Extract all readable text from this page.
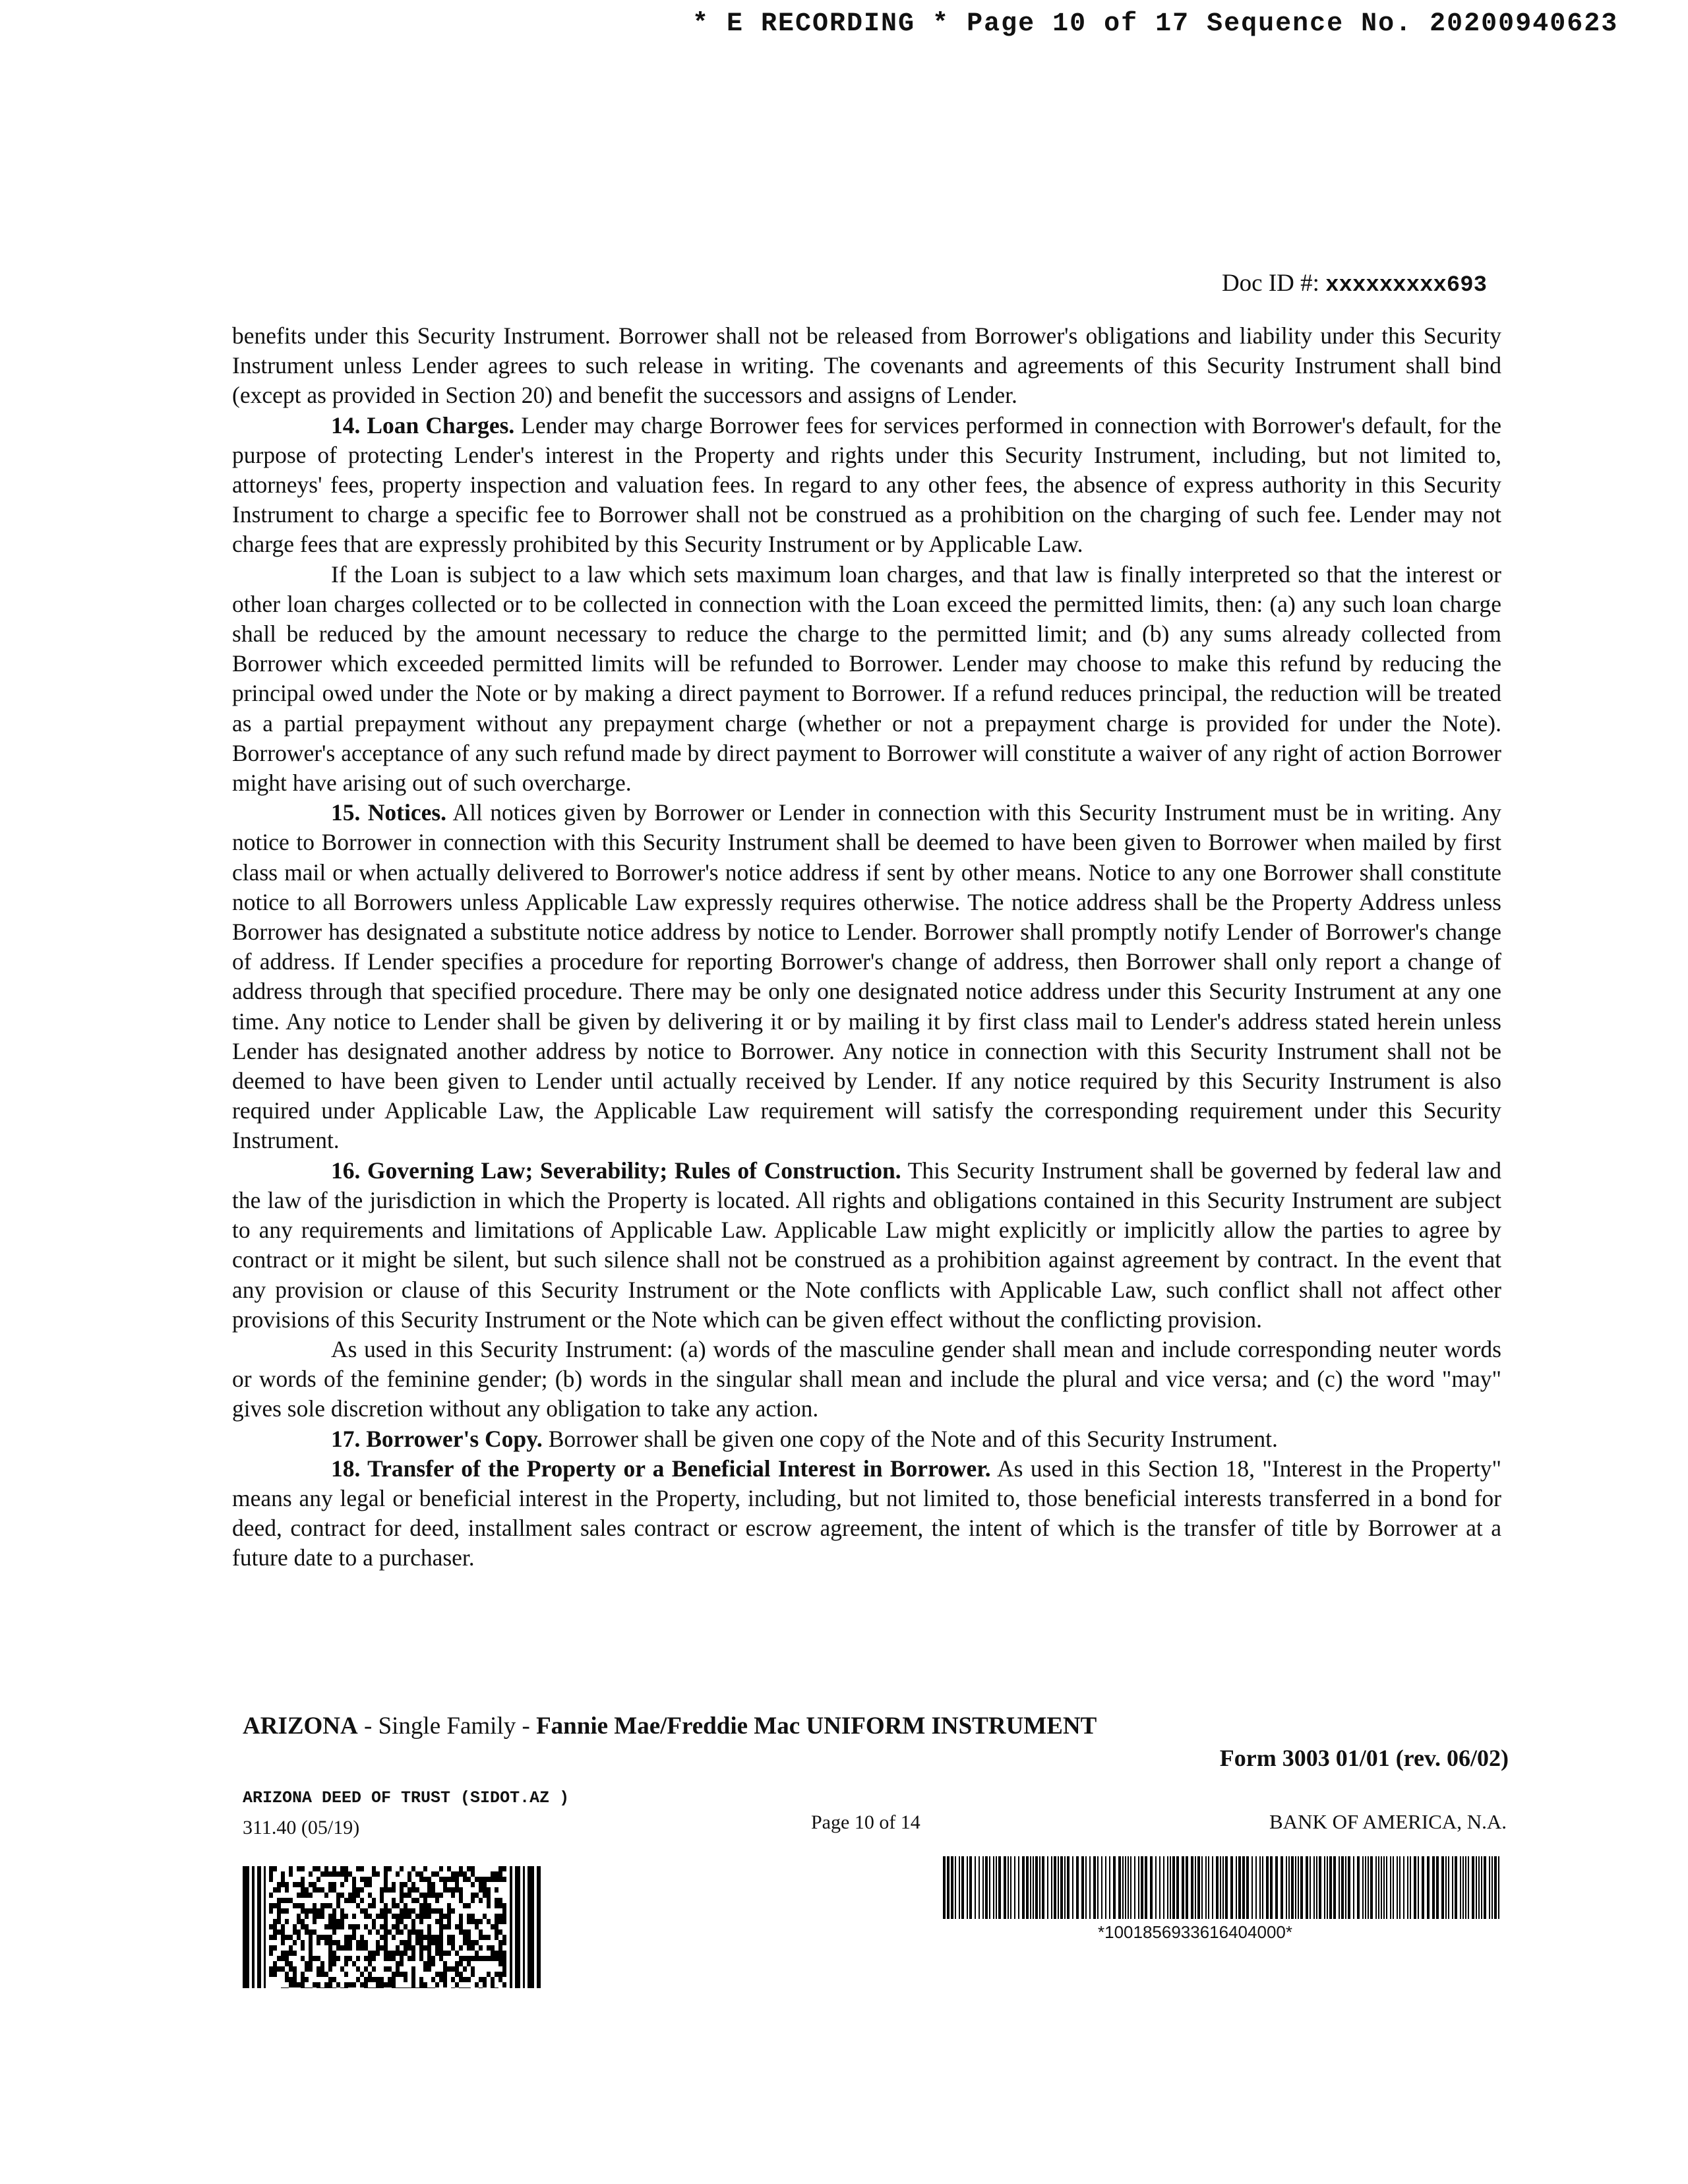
* E RECORDING * Page 10 of 17 Sequence No. 20200940623
Doc ID #: xxxxxxxxx693

benefits under this Security Instrument. Borrower shall not be released from Borrower's obligations and liability under this Security Instrument unless Lender agrees to such release in writing. The covenants and agreements of this Security Instrument shall bind (except as provided in Section 20) and benefit the successors and assigns of Lender.

14. Loan Charges. Lender may charge Borrower fees for services performed in connection with Borrower's default, for the purpose of protecting Lender's interest in the Property and rights under this Security Instrument, including, but not limited to, attorneys' fees, property inspection and valuation fees. In regard to any other fees, the absence of express authority in this Security Instrument to charge a specific fee to Borrower shall not be construed as a prohibition on the charging of such fee. Lender may not charge fees that are expressly prohibited by this Security Instrument or by Applicable Law.

If the Loan is subject to a law which sets maximum loan charges, and that law is finally interpreted so that the interest or other loan charges collected or to be collected in connection with the Loan exceed the permitted limits, then: (a) any such loan charge shall be reduced by the amount necessary to reduce the charge to the permitted limit; and (b) any sums already collected from Borrower which exceeded permitted limits will be refunded to Borrower. Lender may choose to make this refund by reducing the principal owed under the Note or by making a direct payment to Borrower. If a refund reduces principal, the reduction will be treated as a partial prepayment without any prepayment charge (whether or not a prepayment charge is provided for under the Note). Borrower's acceptance of any such refund made by direct payment to Borrower will constitute a waiver of any right of action Borrower might have arising out of such overcharge.

15. Notices. All notices given by Borrower or Lender in connection with this Security Instrument must be in writing. Any notice to Borrower in connection with this Security Instrument shall be deemed to have been given to Borrower when mailed by first class mail or when actually delivered to Borrower's notice address if sent by other means. Notice to any one Borrower shall constitute notice to all Borrowers unless Applicable Law expressly requires otherwise. The notice address shall be the Property Address unless Borrower has designated a substitute notice address by notice to Lender. Borrower shall promptly notify Lender of Borrower's change of address. If Lender specifies a procedure for reporting Borrower's change of address, then Borrower shall only report a change of address through that specified procedure. There may be only one designated notice address under this Security Instrument at any one time. Any notice to Lender shall be given by delivering it or by mailing it by first class mail to Lender's address stated herein unless Lender has designated another address by notice to Borrower. Any notice in connection with this Security Instrument shall not be deemed to have been given to Lender until actually received by Lender. If any notice required by this Security Instrument is also required under Applicable Law, the Applicable Law requirement will satisfy the corresponding requirement under this Security Instrument.

16. Governing Law; Severability; Rules of Construction. This Security Instrument shall be governed by federal law and the law of the jurisdiction in which the Property is located. All rights and obligations contained in this Security Instrument are subject to any requirements and limitations of Applicable Law. Applicable Law might explicitly or implicitly allow the parties to agree by contract or it might be silent, but such silence shall not be construed as a prohibition against agreement by contract. In the event that any provision or clause of this Security Instrument or the Note conflicts with Applicable Law, such conflict shall not affect other provisions of this Security Instrument or the Note which can be given effect without the conflicting provision.

As used in this Security Instrument: (a) words of the masculine gender shall mean and include corresponding neuter words or words of the feminine gender; (b) words in the singular shall mean and include the plural and vice versa; and (c) the word "may" gives sole discretion without any obligation to take any action.

17. Borrower's Copy. Borrower shall be given one copy of the Note and of this Security Instrument.

18. Transfer of the Property or a Beneficial Interest in Borrower. As used in this Section 18, "Interest in the Property" means any legal or beneficial interest in the Property, including, but not limited to, those beneficial interests transferred in a bond for deed, contract for deed, installment sales contract or escrow agreement, the intent of which is the transfer of title by Borrower at a future date to a purchaser.

ARIZONA - Single Family - Fannie Mae/Freddie Mac UNIFORM INSTRUMENT
Form 3003 01/01 (rev. 06/02)
ARIZONA DEED OF TRUST (SIDOT.AZ )
311.40 (05/19)	Page 10 of 14	BANK OF AMERICA, N.A.
*1001856933616404000*
